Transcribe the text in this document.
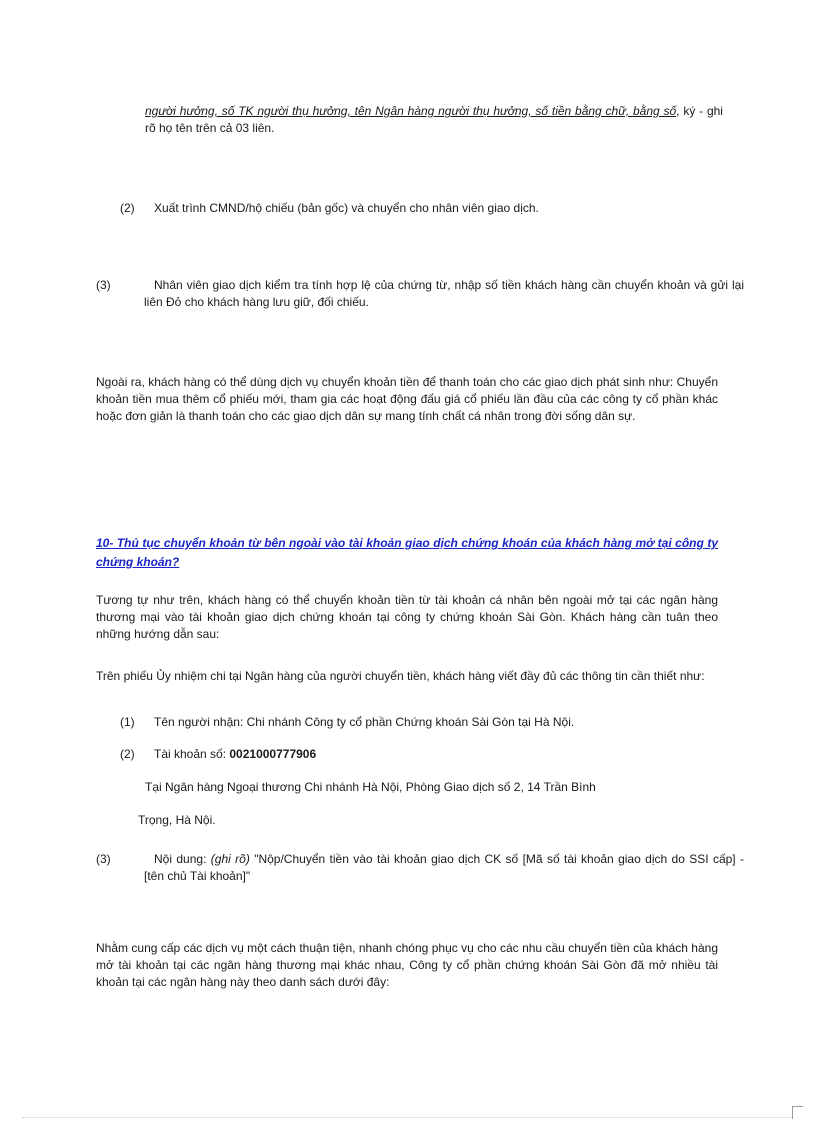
người hưởng, số TK người thụ hưởng, tên Ngân hàng người thụ hưởng, số tiền bằng chữ, bằng số, ký - ghi rõ họ tên trên cả 03 liên.
(2) Xuất trình CMND/hộ chiếu (bản gốc) và chuyển cho nhân viên giao dịch.
(3)	Nhân viên giao dịch kiểm tra tính hợp lệ của chứng từ, nhập số tiền khách hàng cần chuyển khoản và gửi lại liên Đỏ cho khách hàng lưu giữ, đối chiếu.

Ngoài ra, khách hàng có thể dùng dịch vụ chuyển khoản tiền để thanh toán cho các giao dịch phát sinh như: Chuyển khoản tiền mua thêm cổ phiếu mới, tham gia các hoạt động đấu giá cổ phiếu lần đầu của các công ty cổ phần khác hoặc đơn giản là thanh toán cho các giao dịch dân sự mang tính chất cá nhân trong đời sống dân sự.

10- Thủ tục chuyển khoản từ bên ngoài vào tài khoản giao dịch chứng khoán của khách hàng mở tại công ty chứng khoán?

Tương tự như trên, khách hàng có thể chuyển khoản tiền từ tài khoản cá nhân bên ngoài mở tại các ngân hàng thương mại vào tài khoản giao dịch chứng khoán tại công ty chứng khoán Sài Gòn. Khách hàng cần tuân theo những hướng dẫn sau:

Trên phiếu Ủy nhiệm chi tại Ngân hàng của người chuyển tiền, khách hàng viết đầy đủ các thông tin cần thiết như:

(1) Tên người nhận: Chi nhánh Công ty cổ phần Chứng khoán Sài Gòn tại Hà Nội.
(2) Tài khoản số: 0021000777906
Tại Ngân hàng Ngoại thương Chi nhánh Hà Nội, Phòng Giao dịch số 2, 14 Trần Bình
Trọng, Hà Nội.
(3)	Nội dung: (ghi rõ) "Nộp/Chuyển tiền vào tài khoản giao dịch CK số [Mã số tài khoản giao dịch do SSI cấp] - [tên chủ Tài khoản]"

Nhằm cung cấp các dịch vụ một cách thuận tiện, nhanh chóng phục vụ cho các nhu cầu chuyển tiền của khách hàng mở tài khoản tại các ngân hàng thương mại khác nhau, Công ty cổ phần chứng khoán Sài Gòn đã mở nhiều tài khoản tại các ngân hàng này theo danh sách dưới đây:
